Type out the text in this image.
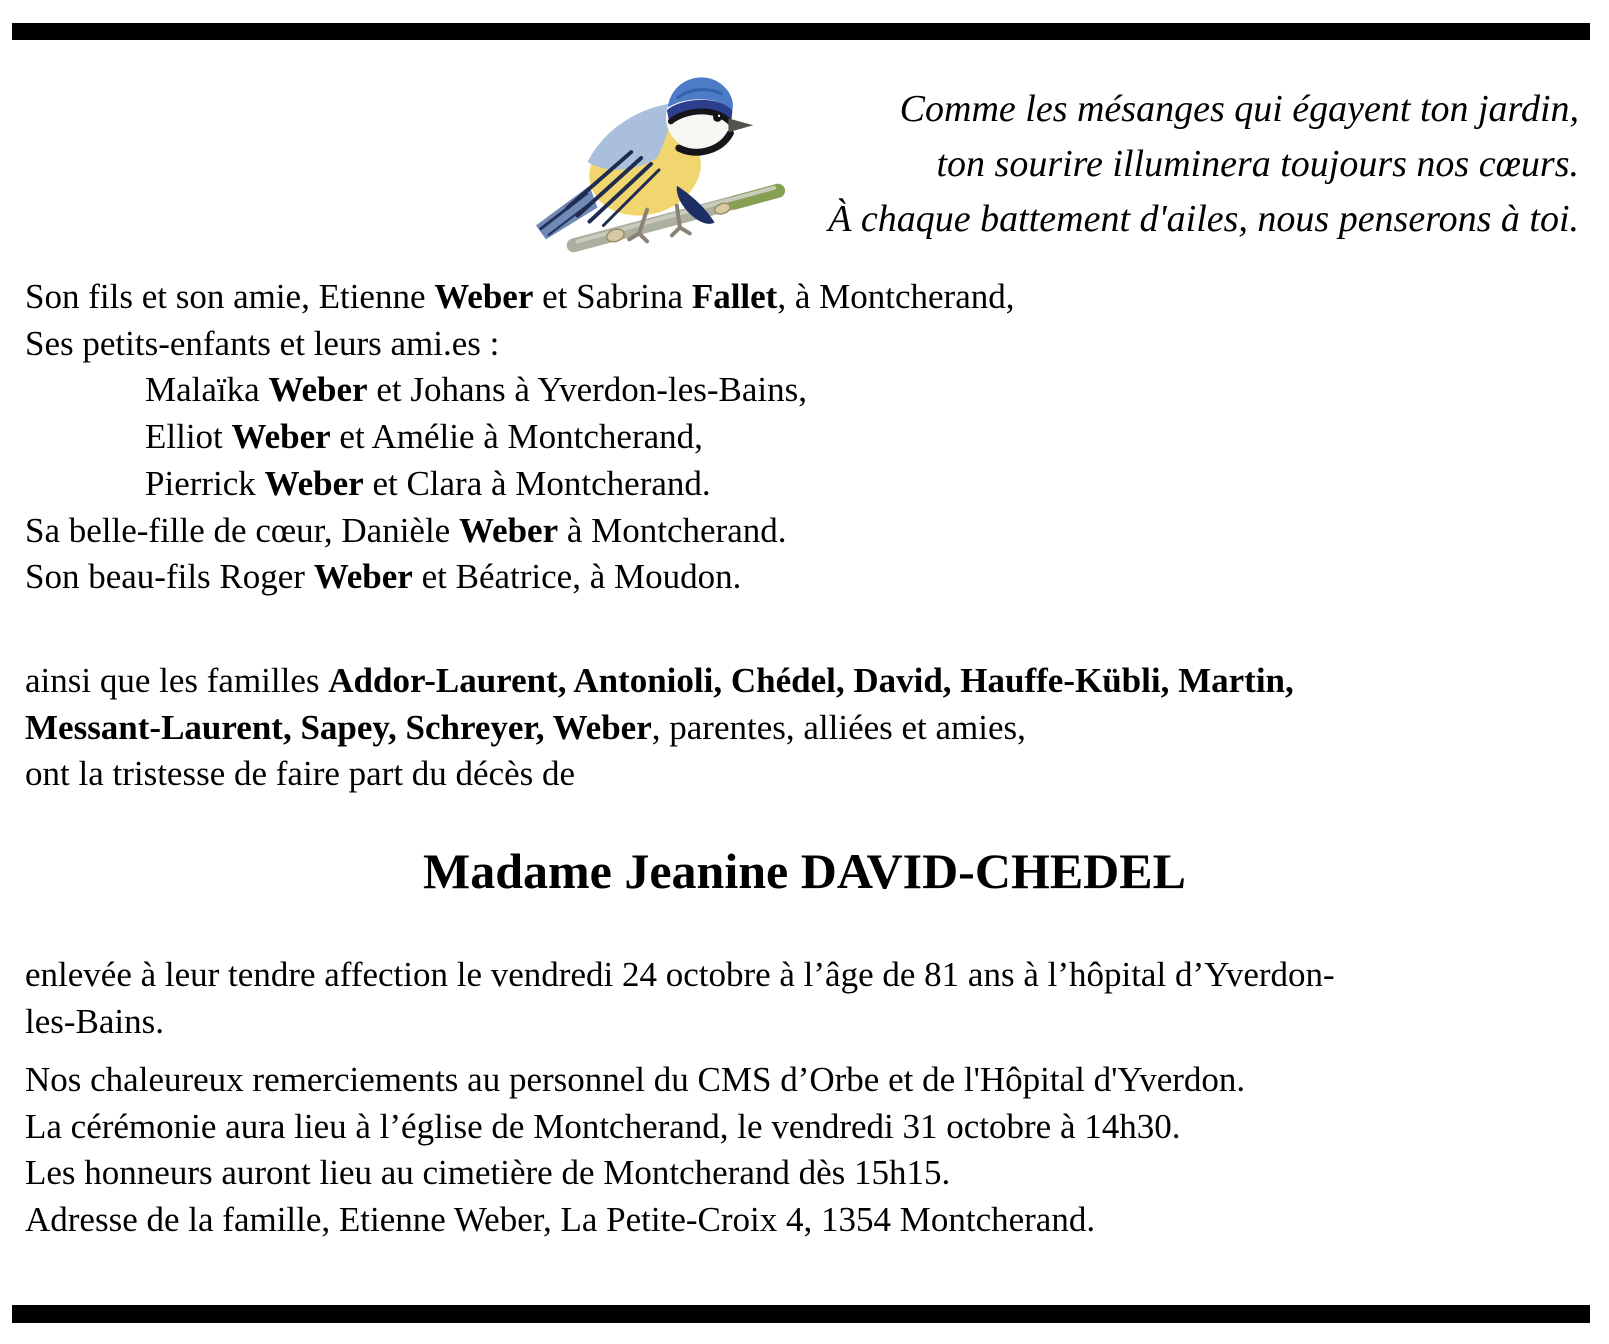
Comme les mésanges qui égayent ton jardin,
ton sourire illuminera toujours nos cœurs.
À chaque battement d'ailes, nous penserons à toi.
Son fils et son amie, Etienne Weber et Sabrina Fallet, à Montcherand,
Ses petits-enfants et leurs ami.es :
Malaïka Weber et Johans à Yverdon-les-Bains,
Elliot Weber et Amélie à Montcherand,
Pierrick Weber et Clara à Montcherand.
Sa belle-fille de cœur, Danièle Weber à Montcherand.
Son beau-fils Roger Weber et Béatrice, à Moudon.
ainsi que les familles Addor-Laurent, Antonioli, Chédel, David, Hauffe-Kübli, Martin,
Messant-Laurent, Sapey, Schreyer, Weber, parentes, alliées et amies,
ont la tristesse de faire part du décès de
Madame Jeanine DAVID-CHEDEL
enlevée à leur tendre affection le vendredi 24 octobre à l’âge de 81 ans à l’hôpital d’Yverdon-
les-Bains.
Nos chaleureux remerciements au personnel du CMS d’Orbe et de l'Hôpital d'Yverdon.
La cérémonie aura lieu à l’église de Montcherand, le vendredi 31 octobre à 14h30.
Les honneurs auront lieu au cimetière de Montcherand dès 15h15.
Adresse de la famille, Etienne Weber, La Petite-Croix 4, 1354 Montcherand.
